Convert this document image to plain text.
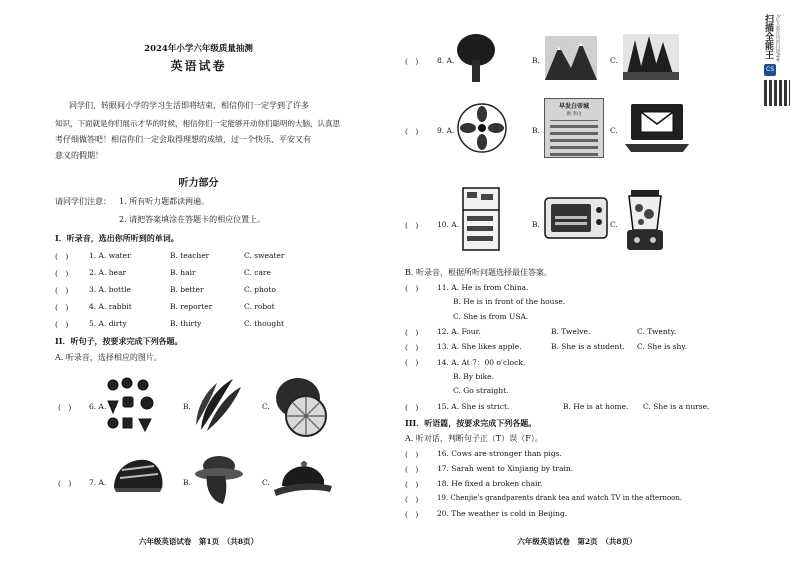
2024年小学六年级质量抽测
英语试卷
同学们，转眼间小学的学习生活即将结束，相信你们一定学到了许多
知识，下面就是你们展示才华的时候，相信你们一定能够开动你们聪明的大脑，认真思
考仔细做答吧！相信你们一定会取得理想的成绩，过一个快乐、平安又有
意义的假期！
听力部分
请同学们注意： 1. 所有听力题都读两遍。
2. 请把答案填涂在答题卡的相应位置上。
I．听录音，选出你所听到的单词。
(　)	1. A. water	B. teacher	C. sweater
(　)	2. A. hear	B. hair	C. care
(　)	3. A. bottle	B. better	C. photo
(　)	4. A. rabbit	B. reporter	C. robot
(　)	5. A. dirty	B. thirty	C. thought
II．听句子，按要求完成下列各题。
A. 听录音，选择相应的图片。
(　) 6. A.	B.	C.
(　) 7. A.	B.	C.
六年级英语试卷　第1页　（共8页）
(　) 8. A.	B.	C.
(　) 9. A.	B.
早发白帝城
唐·李白
C.
(　) 10. A.	B.	C.
B. 听录音，根据所听问题选择最佳答案。
(　) 11. A. He is from China.
B. He is in front of the house.
C. She is from USA.
(　) 12. A. Four.	B. Twelve.	C. Twenty.
(　) 13. A. She likes apple.	B. She is a student. C. She is shy.
(　) 14. A. At 7：00 o'clock.
B. By bike.
C. Go straight.
(　) 15. A. She is strict.	B. He is at home. C. She is a nurse.
III．听语篇，按要求完成下列各题。
A. 听对话，判断句子正（T）误（F）。
(　) 16. Cows are stronger than pigs.
(　) 17. Sarah went to Xinjiang by train.
(　) 18. He fixed a broken chair.
(　)	19. Chenjie's grandparents drank tea and watch TV in the afternoon.
(　) 20. The weather is cold in Beijing.
六年级英语试卷　第2页　（共8页）
扫描全能王 3亿人都在用的扫描App
CS
